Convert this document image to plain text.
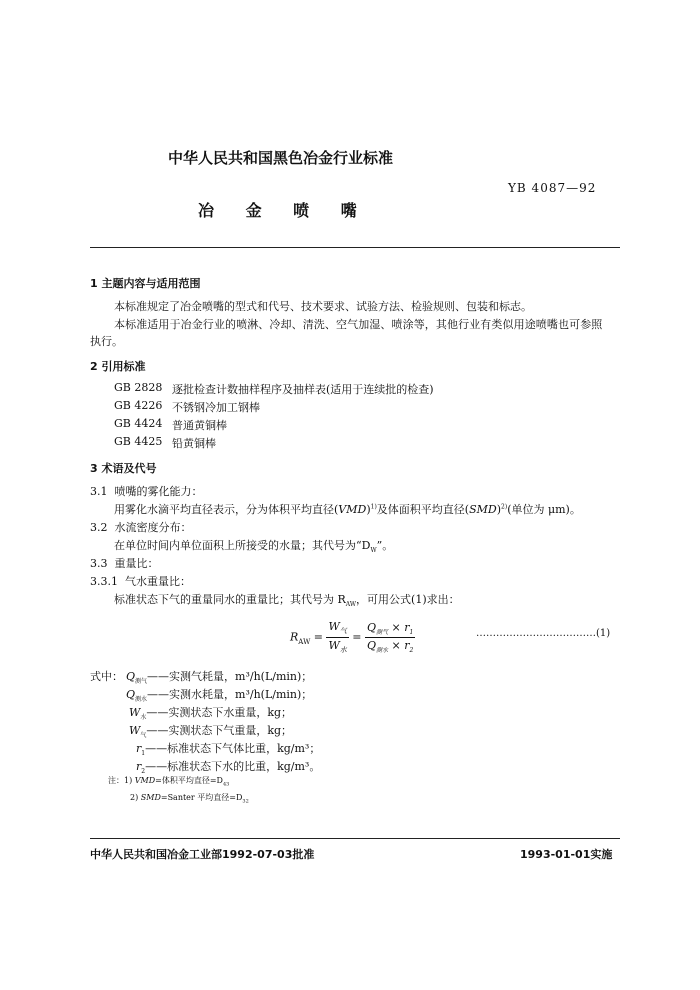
中华人民共和国黑色冶金行业标准
YB 4087—92
冶 金 喷 嘴
1 主题内容与适用范围
本标准规定了冶金喷嘴的型式和代号、技术要求、试验方法、检验规则、包装和标志。
本标准适用于冶金行业的喷淋、冷却、清洗、空气加湿、喷涂等，其他行业有类似用途喷嘴也可参照
执行。
2 引用标准
GB 2828 逐批检查计数抽样程序及抽样表(适用于连续批的检查)
GB 4226 不锈钢冷加工钢棒
GB 4424 普通黄铜棒
GB 4425 铅黄铜棒
3 术语及代号
3.1 喷嘴的雾化能力：
用雾化水滴平均直径表示，分为体积平均直径(VMD)$^{1)}$及体面积平均直径(SMD)$^{2)}$(单位为 μm)。
3.2 水流密度分布：
在单位时间内单位面积上所接受的水量；其代号为“$D_W$”。
3.3 重量比：
3.3.1 气水重量比：
标准状态下气的重量同水的重量比；其代号为 $R_{AW}$，可用公式(1)求出：
$R_{AW} = \frac{W_气}{W_水} = \frac{Q_{测气} \times r_1}{Q_{测水} \times r_2}$	………………………………(1)
式中： $Q_{测气}——$实测气耗量，m³/h(L/min)；
$Q_{测水}——$实测水耗量，m³/h(L/min)；
$W_水——$实测状态下水重量，kg；
$W_气——$实测状态下气重量，kg；
$r_1——$标准状态下气体比重，kg/m³；
$r_2——$标准状态下水的比重，kg/m³。
注：1) VMD=体积平均直径$=D_{43}$
2) SMD=Santer 平均直径$=D_{32}$
中华人民共和国冶金工业部1992-07-03批准	1993-01-01实施
